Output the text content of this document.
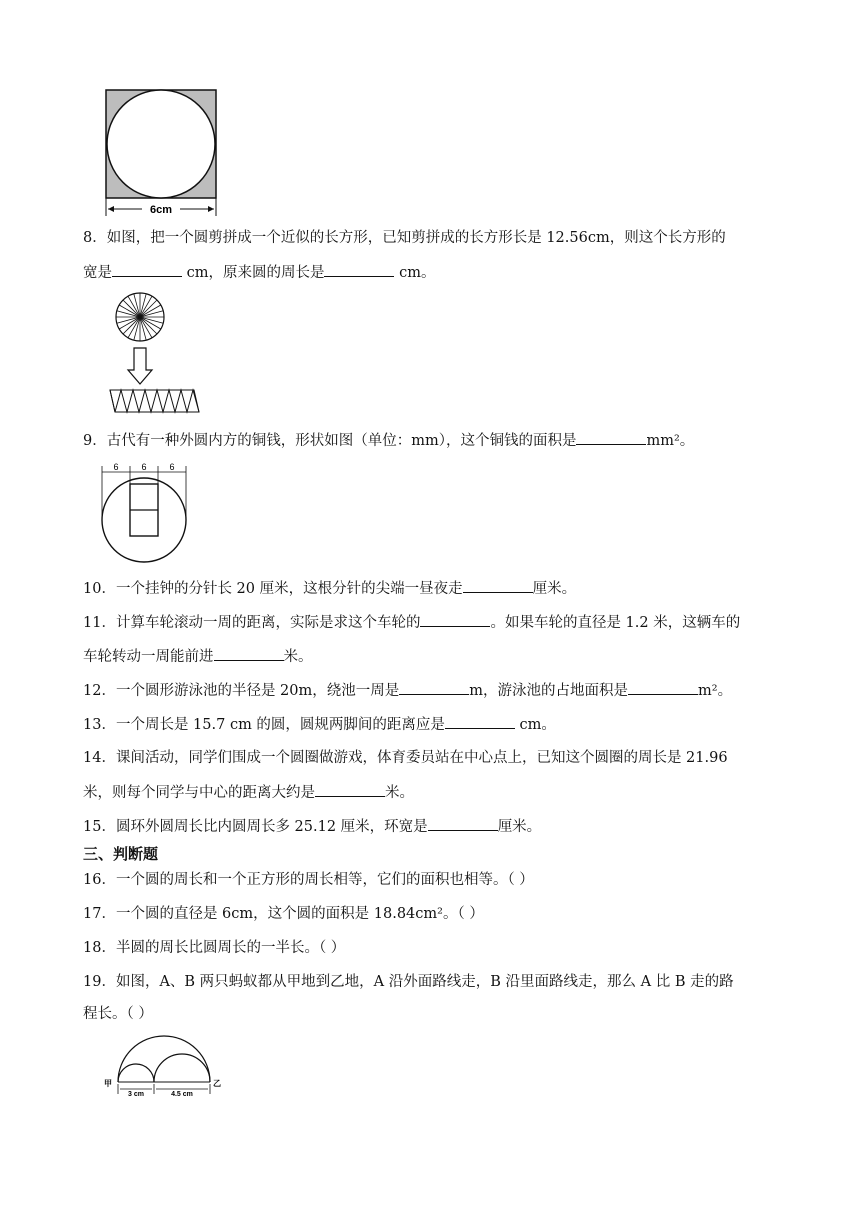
6cm
8．如图，把一个圆剪拼成一个近似的长方形，已知剪拼成的长方形长是 12.56cm，则这个长方形的
宽是	cm，原来圆的周长是	cm。
9．古代有一种外圆内方的铜钱，形状如图（单位：mm），这个铜钱的面积是	mm²。
6	6	6
10．一个挂钟的分针长 20 厘米，这根分针的尖端一昼夜走	厘米。
11．计算车轮滚动一周的距离，实际是求这个车轮的	。如果车轮的直径是 1.2 米，这辆车的
车轮转动一周能前进	米。
12．一个圆形游泳池的半径是 20m，绕池一周是	m，游泳池的占地面积是	m²。
13．一个周长是 15.7 cm 的圆，圆规两脚间的距离应是	cm。
14．课间活动，同学们围成一个圆圈做游戏，体育委员站在中心点上，已知这个圆圈的周长是 21.96
米，则每个同学与中心的距离大约是	米。
15．圆环外圆周长比内圆周长多 25.12 厘米，环宽是	厘米。
三、判断题
16．一个圆的周长和一个正方形的周长相等，它们的面积也相等。（ ）
17．一个圆的直径是 6cm，这个圆的面积是 18.84cm²。（ ）
18．半圆的周长比圆周长的一半长。（ ）
19．如图，A、B 两只蚂蚁都从甲地到乙地，A 沿外面路线走，B 沿里面路线走，那么 A 比 B 走的路
程长。（ ）
甲	乙
3 cm	4.5 cm
